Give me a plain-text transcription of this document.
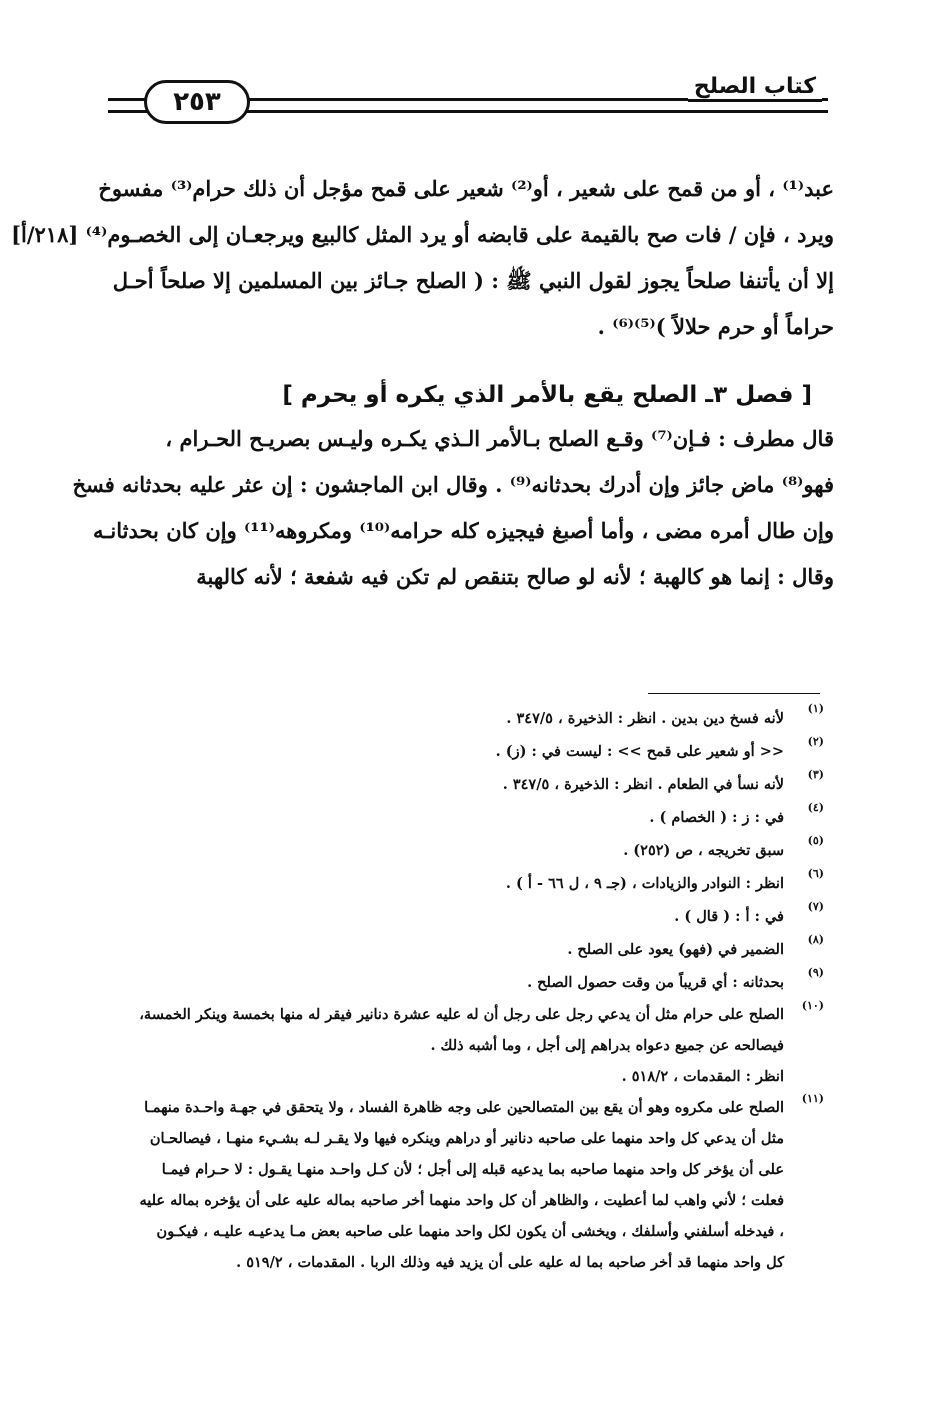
٢٥٣
كتاب الصلح
عبد⁽¹⁾ ، أو من قمح على شعير ، أو⁽²⁾ شعير على قمح مؤجل أن ذلك حرام⁽³⁾ مفسوخ
ويرد ، فإن / فات صح بالقيمة على قابضه أو يرد المثل كالبيع ويرجعـان إلى الخصـوم⁽⁴⁾ [٢١٨/أ]
إلا أن يأتنفا صلحاً يجوز لقول النبي ﷺ : ( الصلح جـائز بين المسلمين إلا صلحاً أحـل
حراماً أو حرم حلالاً )⁽⁵⁾⁽⁶⁾ .
[ فصل ٣ـ الصلح يقع بالأمر الذي يكره أو يحرم ]
قال مطرف : فـإن⁽⁷⁾ وقـع الصلح بـالأمر الـذي يكـره وليـس بصريـح الحـرام ،
فهو⁽⁸⁾ ماض جائز وإن أدرك بحدثانه⁽⁹⁾ . وقال ابن الماجشون : إن عثر عليه بحدثانه فسخ
وإن طال أمره مضى ، وأما أصبغ فيجيزه كله حرامه⁽¹⁰⁾ ومكروهه⁽¹¹⁾ وإن كان بحدثانـه
وقال : إنما هو كالهبة ؛ لأنه لو صالح بتنقص لم تكن فيه شفعة ؛ لأنه كالهبة
(١)
لأنه فسخ دين بدين . انظر : الذخيرة ، ٣٤٧/٥ .
(٢)
<< أو شعير على قمح >> : ليست في : (ز) .
(٣)
لأنه نسأ في الطعام . انظر : الذخيرة ، ٣٤٧/٥ .
(٤)
في : ز : ( الخصام ) .
(٥)
سبق تخريجه ، ص (٢٥٢) .
(٦)
انظر : النوادر والزيادات ، (جـ ٩ ، ل ٦٦ - أ ) .
(٧)
في : أ : ( قال ) .
(٨)
الضمير في (فهو) يعود على الصلح .
(٩)
بحدثانه : أي قريباً من وقت حصول الصلح .
(١٠)
الصلح على حرام مثل أن يدعي رجل على رجل أن له عليه عشرة دنانير فيقر له منها بخمسة وينكر الخمسة،
فيصالحه عن جميع دعواه بدراهم إلى أجل ، وما أشبه ذلك .
انظر : المقدمات ، ٥١٨/٢ .
(١١)
الصلح على مكروه وهو أن يقع بين المتصالحين على وجه ظاهرة الفساد ، ولا يتحقق في جهـة واحـدة منهمـا
مثل أن يدعي كل واحد منهما على صاحبه دنانير أو دراهم وينكره فيها ولا يقـر لـه بشـيء منهـا ، فيصالحـان
على أن يؤخر كل واحد منهما صاحبه بما يدعيه قبله إلى أجل ؛ لأن كـل واحـد منهـا يقـول : لا حـرام فيمـا
فعلت ؛ لأني واهب لما أعطيت ، والظاهر أن كل واحد منهما أخر صاحبه بماله عليه على أن يؤخره بماله عليه
، فيدخله أسلفني وأسلفك ، ويخشى أن يكون لكل واحد منهما على صاحبه بعض مـا يدعيـه عليـه ، فيكـون
كل واحد منهما قد أخر صاحبه بما له عليه على أن يزيد فيه وذلك الربا . المقدمات ، ٥١٩/٢ .
